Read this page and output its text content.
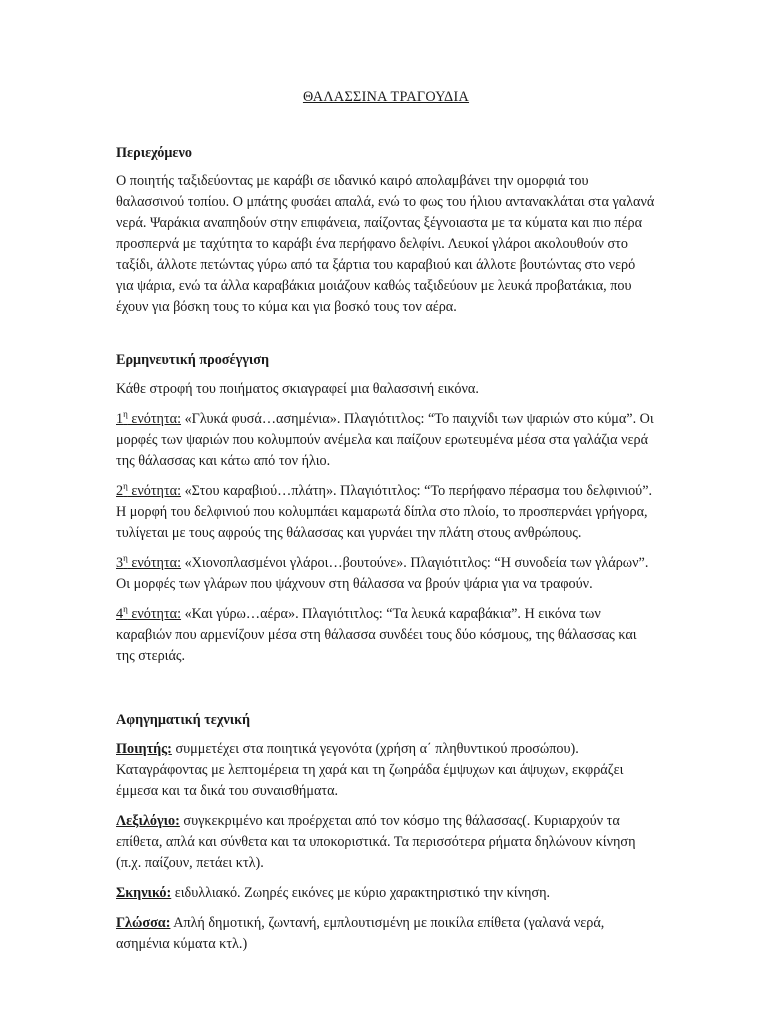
ΘΑΛΑΣΣΙΝΑ ΤΡΑΓΟΥΔΙΑ

Περιεχόμενο

Ο ποιητής ταξιδεύοντας με καράβι σε ιδανικό καιρό απολαμβάνει την ομορφιά του θαλασσινού τοπίου. Ο μπάτης φυσάει απαλά, ενώ το φως του ήλιου αντανακλάται στα γαλανά νερά. Ψαράκια αναπηδούν στην επιφάνεια, παίζοντας ξέγνοιαστα με τα κύματα και πιο πέρα προσπερνά με ταχύτητα το καράβι ένα περήφανο δελφίνι. Λευκοί γλάροι ακολουθούν στο ταξίδι, άλλοτε πετώντας γύρω από τα ξάρτια του καραβιού και άλλοτε βουτώντας στο νερό για ψάρια, ενώ τα άλλα καραβάκια μοιάζουν καθώς ταξιδεύουν με λευκά προβατάκια, που έχουν για βόσκη τους το κύμα και για βοσκό τους τον αέρα.

Ερμηνευτική προσέγγιση

Κάθε στροφή του ποιήματος σκιαγραφεί μια θαλασσινή εικόνα.

$1^\eta$ ενότητα: «Γλυκά φυσά…ασημένια». Πλαγιότιτλος: “Το παιχνίδι των ψαριών στο κύμα”. Οι μορφές των ψαριών που κολυμπούν ανέμελα και παίζουν ερωτευμένα μέσα στα γαλάζια νερά της θάλασσας και κάτω από τον ήλιο.

$2^\eta$ ενότητα: «Στου καραβιού…πλάτη». Πλαγιότιτλος: “Το περήφανο πέρασμα του δελφινιού”. Η μορφή του δελφινιού που κολυμπάει καμαρωτά δίπλα στο πλοίο, το προσπερνάει γρήγορα, τυλίγεται με τους αφρούς της θάλασσας και γυρνάει την πλάτη στους ανθρώπους.

$3^\eta$ ενότητα: «Χιονοπλασμένοι γλάροι…βουτούνε». Πλαγιότιτλος: “Η συνοδεία των γλάρων”. Οι μορφές των γλάρων που ψάχνουν στη θάλασσα να βρούν ψάρια για να τραφούν.

$4^\eta$ ενότητα: «Και γύρω…αέρα». Πλαγιότιτλος: “Τα λευκά καραβάκια”. Η εικόνα των καραβιών που αρμενίζουν μέσα στη θάλασσα συνδέει τους δύο κόσμους, της θάλασσας και της στεριάς.

Αφηγηματική τεχνική

Ποιητής: συμμετέχει στα ποιητικά γεγονότα (χρήση α΄ πληθυντικού προσώπου). Καταγράφοντας με λεπτομέρεια τη χαρά και τη ζωηράδα έμψυχων και άψυχων, εκφράζει έμμεσα και τα δικά του συναισθήματα.

Λεξιλόγιο: συγκεκριμένο και προέρχεται από τον κόσμο της θάλασσας(. Κυριαρχούν τα επίθετα, απλά και σύνθετα και τα υποκοριστικά. Τα περισσότερα ρήματα δηλώνουν κίνηση (π.χ. παίζουν, πετάει κτλ).

Σκηνικό: ειδυλλιακό. Ζωηρές εικόνες με κύριο χαρακτηριστικό την κίνηση.

Γλώσσα: Απλή δημοτική, ζωντανή, εμπλουτισμένη με ποικίλα επίθετα (γαλανά νερά, ασημένια κύματα κτλ.)
